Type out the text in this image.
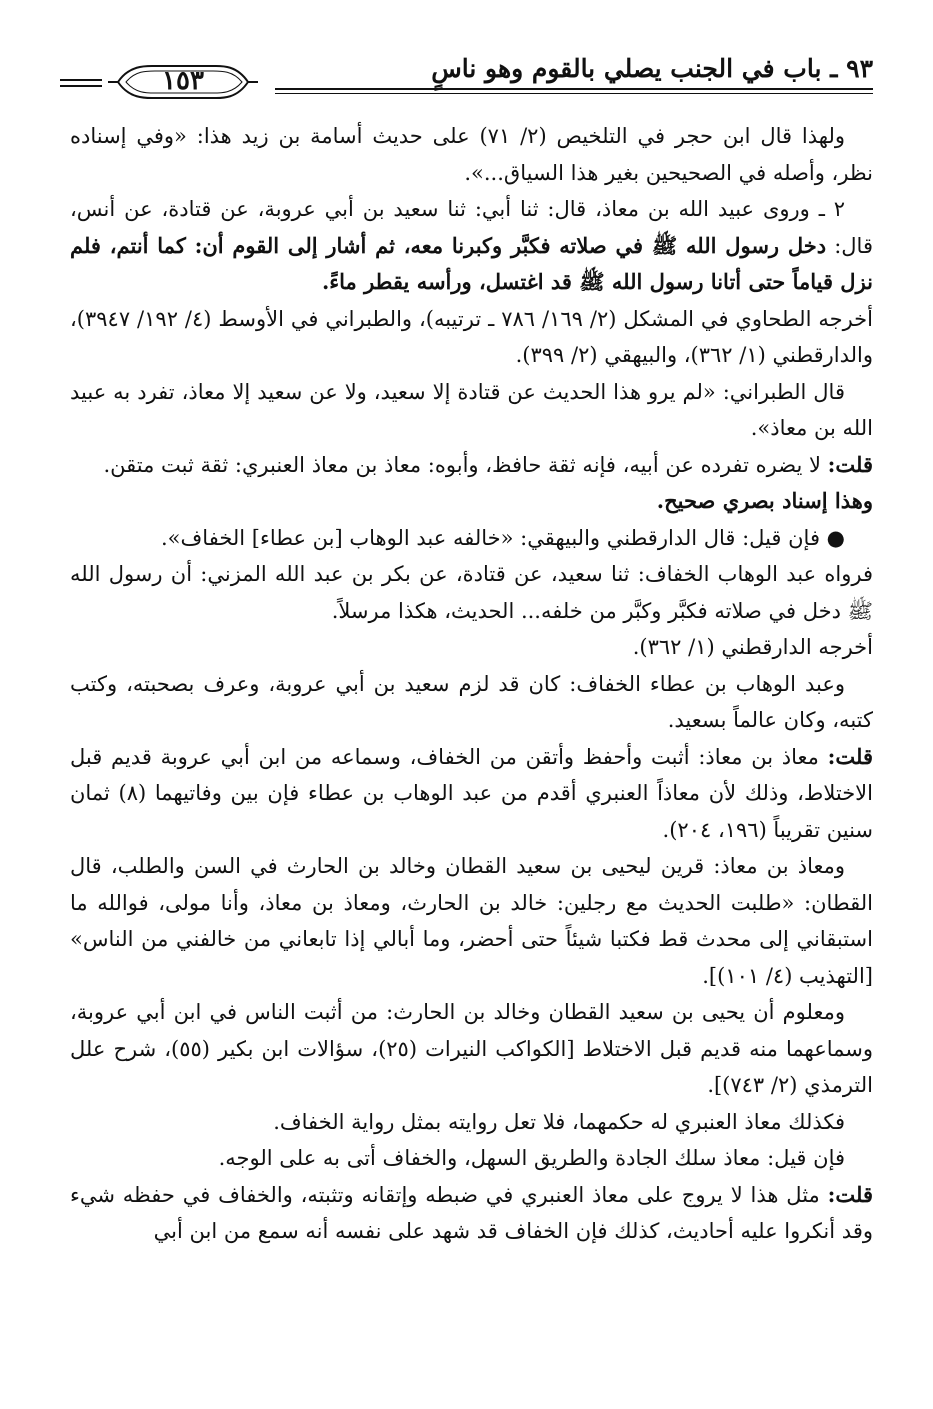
٩٣ ـ باب في الجنب يصلي بالقوم وهو ناسٍ
١٥٣

ولهذا قال ابن حجر في التلخيص (٢/ ٧١) على حديث أسامة بن زيد هذا: «وفي إسناده نظر، وأصله في الصحيحين بغير هذا السياق...».

٢ ـ وروى عبيد الله بن معاذ، قال: ثنا أبي: ثنا سعيد بن أبي عروبة، عن قتادة، عن أنس، قال: دخل رسول الله ﷺ في صلاته فكبَّر وكبرنا معه، ثم أشار إلى القوم أن: كما أنتم، فلم نزل قياماً حتى أتانا رسول الله ﷺ قد اغتسل، ورأسه يقطر ماءً.

أخرجه الطحاوي في المشكل (٢/ ١٦٩/ ٧٨٦ ـ ترتيبه)، والطبراني في الأوسط (٤/ ١٩٢/ ٣٩٤٧)، والدارقطني (١/ ٣٦٢)، والبيهقي (٢/ ٣٩٩).

قال الطبراني: «لم يرو هذا الحديث عن قتادة إلا سعيد، ولا عن سعيد إلا معاذ، تفرد به عبيد الله بن معاذ».

قلت: لا يضره تفرده عن أبيه، فإنه ثقة حافظ، وأبوه: معاذ بن معاذ العنبري: ثقة ثبت متقن.

وهذا إسناد بصري صحيح.

● فإن قيل: قال الدارقطني والبيهقي: «خالفه عبد الوهاب [بن عطاء] الخفاف».

فرواه عبد الوهاب الخفاف: ثنا سعيد، عن قتادة، عن بكر بن عبد الله المزني: أن رسول الله ﷺ دخل في صلاته فكبَّر وكبَّر من خلفه... الحديث، هكذا مرسلاً.

أخرجه الدارقطني (١/ ٣٦٢).

وعبد الوهاب بن عطاء الخفاف: كان قد لزم سعيد بن أبي عروبة، وعرف بصحبته، وكتب كتبه، وكان عالماً بسعيد.

قلت: معاذ بن معاذ: أثبت وأحفظ وأتقن من الخفاف، وسماعه من ابن أبي عروبة قديم قبل الاختلاط، وذلك لأن معاذاً العنبري أقدم من عبد الوهاب بن عطاء فإن بين وفاتيهما (٨) ثمان سنين تقريباً (١٩٦، ٢٠٤).

ومعاذ بن معاذ: قرين ليحيى بن سعيد القطان وخالد بن الحارث في السن والطلب، قال القطان: «طلبت الحديث مع رجلين: خالد بن الحارث، ومعاذ بن معاذ، وأنا مولى، فوالله ما استبقاني إلى محدث قط فكتبا شيئاً حتى أحضر، وما أبالي إذا تابعاني من خالفني من الناس» [التهذيب (٤/ ١٠١)].

ومعلوم أن يحيى بن سعيد القطان وخالد بن الحارث: من أثبت الناس في ابن أبي عروبة، وسماعهما منه قديم قبل الاختلاط [الكواكب النيرات (٢٥)، سؤالات ابن بكير (٥٥)، شرح علل الترمذي (٢/ ٧٤٣)].

فكذلك معاذ العنبري له حكمهما، فلا تعل روايته بمثل رواية الخفاف.

فإن قيل: معاذ سلك الجادة والطريق السهل، والخفاف أتى به على الوجه.

قلت: مثل هذا لا يروج على معاذ العنبري في ضبطه وإتقانه وتثبته، والخفاف في حفظه شيء وقد أنكروا عليه أحاديث، كذلك فإن الخفاف قد شهد على نفسه أنه سمع من ابن أبي
